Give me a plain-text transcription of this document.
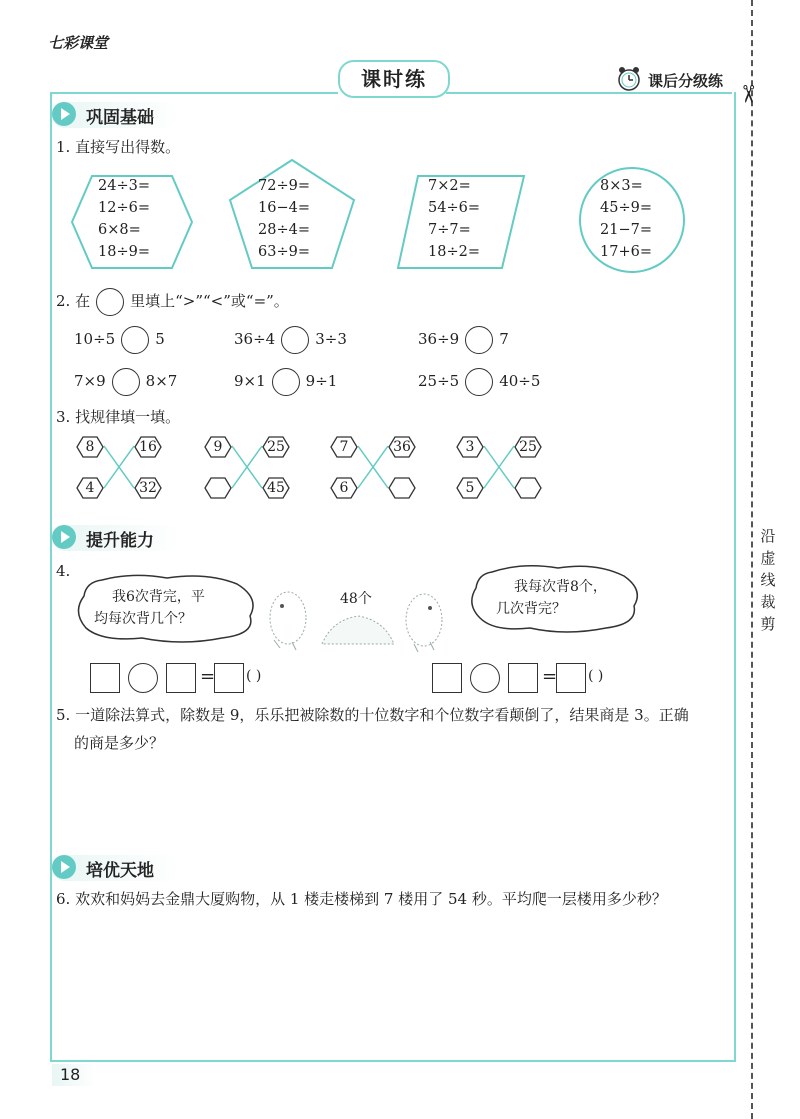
✂
沿
虚
线
裁
剪
七彩课堂
课时练	课后分级练
巩固基础
1. 直接写出得数。
24÷3=
12÷6=
6×8=
18÷9=
72÷9=
16−4=
28÷4=
63÷9=
7×2=
54÷6=
7÷7=
18÷2=
8×3=
45÷9=
21−7=
17+6=
2. 在	里填上“>”“<”或“=”。
10÷5	5	36÷4	3÷3	36÷9	7
7×9	8×7	9×1	9÷1	25÷5	40÷5
3. 找规律填一填。
8	16
4	32
9	25
45
7	36
6
3	25
5
提升能力
4.
我6次背完，平
均每次背几个？
48个
我每次背8个，
几次背完？
= ( )	= ( )
5. 一道除法算式，除数是 9，乐乐把被除数的十位数字和个位数字看颠倒了，结果商是 3。正确
的商是多少？
培优天地
6. 欢欢和妈妈去金鼎大厦购物，从 1 楼走楼梯到 7 楼用了 54 秒。平均爬一层楼用多少秒？
18
